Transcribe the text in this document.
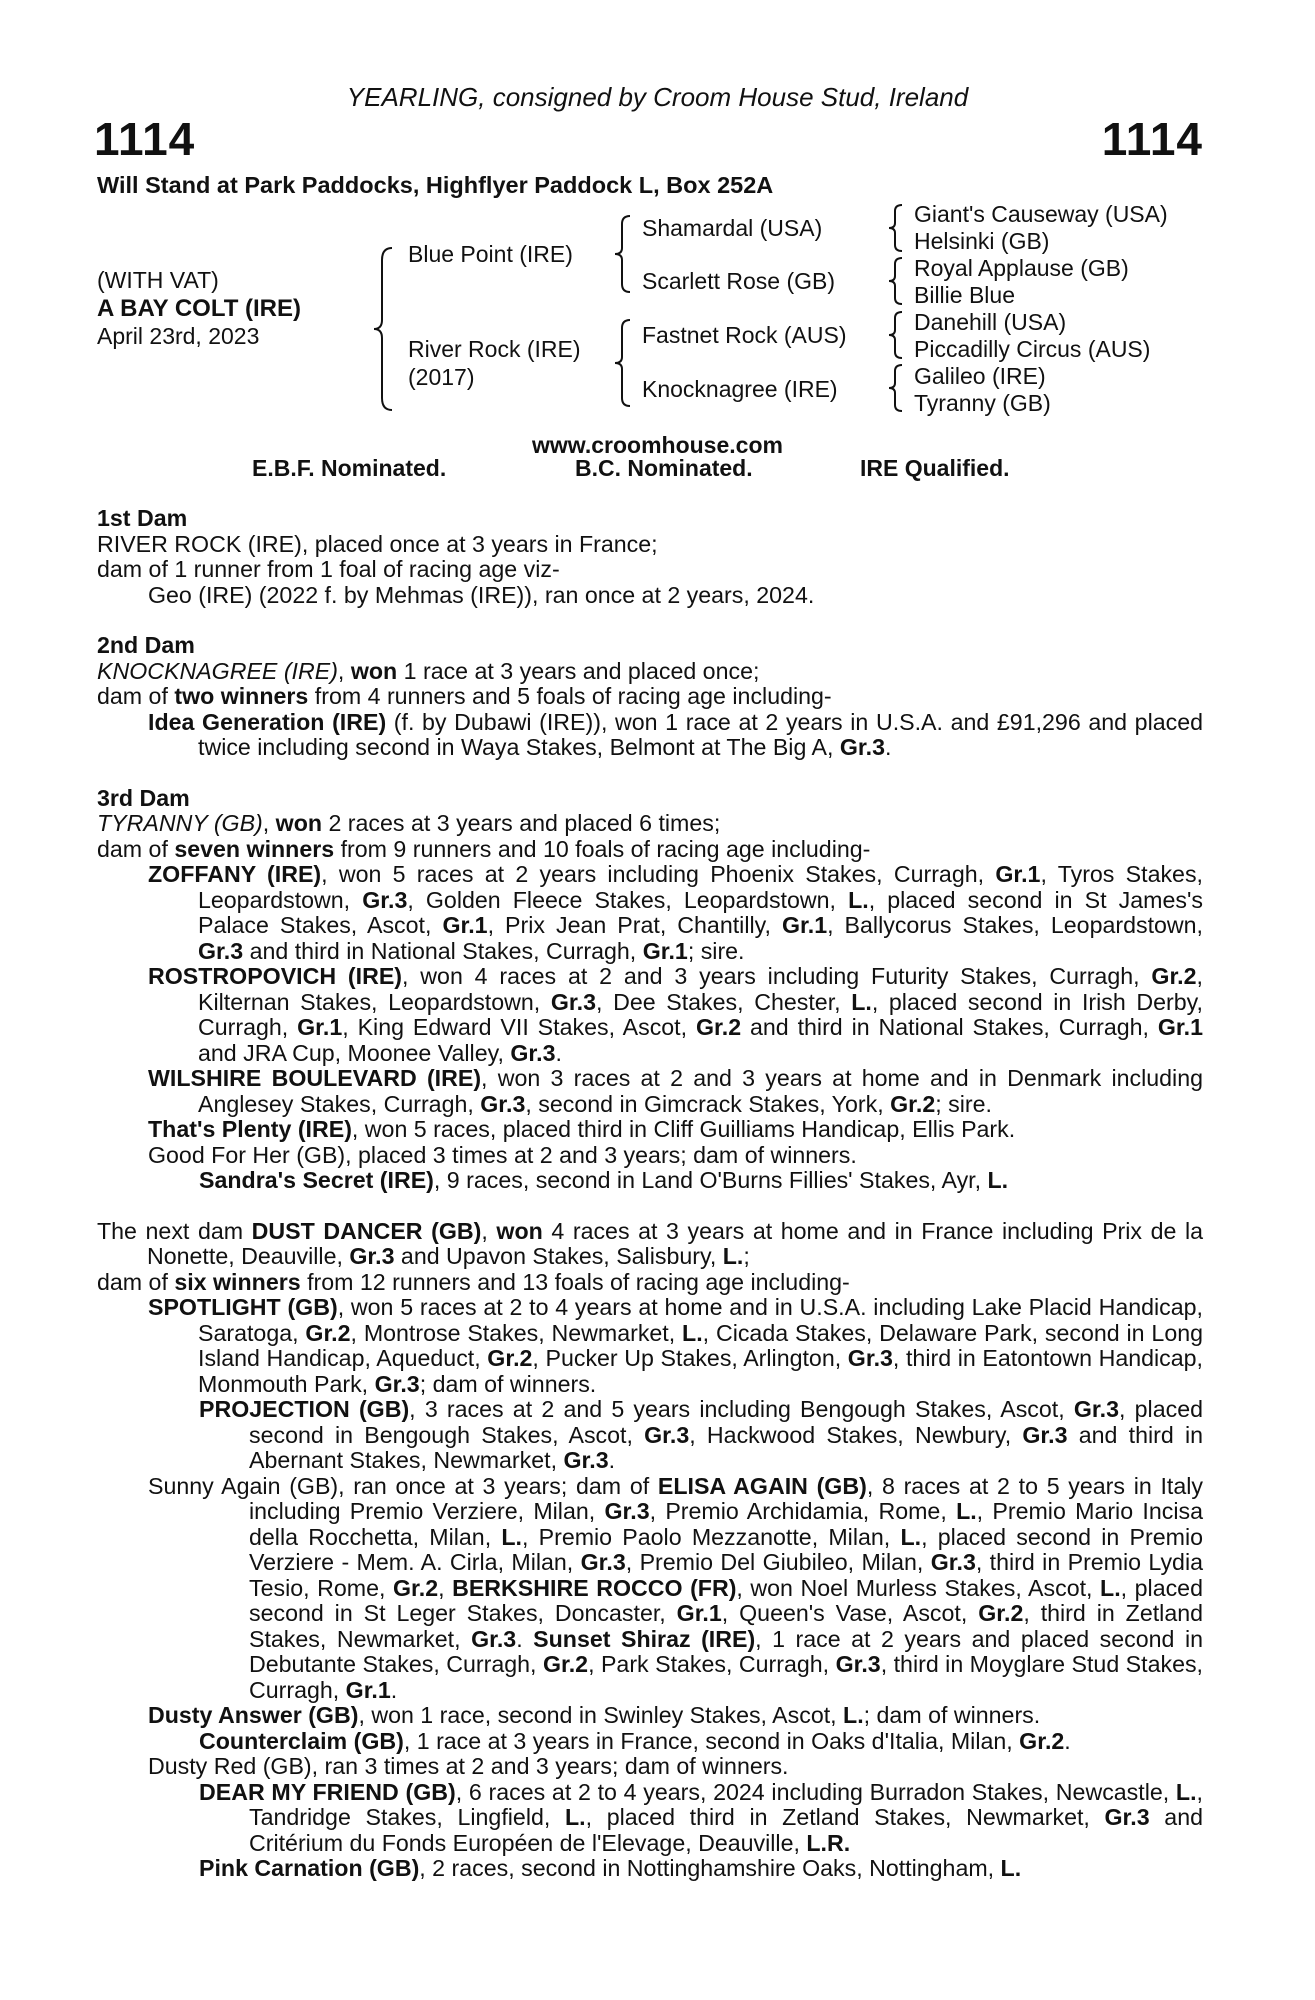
YEARLING, consigned by Croom House Stud, Ireland
1114	1114
Will Stand at Park Paddocks, Highflyer Paddock L, Box 252A
(WITH VAT)
A BAY COLT (IRE)
April 23rd, 2023
Blue Point (IRE)
River Rock (IRE)
(2017)
Shamardal (USA)
Scarlett Rose (GB)
Fastnet Rock (AUS)
Knocknagree (IRE)
Giant's Causeway (USA)
Helsinki (GB)
Royal Applause (GB)
Billie Blue
Danehill (USA)
Piccadilly Circus (AUS)
Galileo (IRE)
Tyranny (GB)
www.croomhouse.com
E.B.F. Nominated.	B.C. Nominated.	IRE Qualified.

1st Dam

RIVER ROCK (IRE), placed once at 3 years in France;

dam of 1 runner from 1 foal of racing age viz-

Geo (IRE) (2022 f. by Mehmas (IRE)), ran once at 2 years, 2024.

2nd Dam

KNOCKNAGREE (IRE), won 1 race at 3 years and placed once;

dam of two winners from 4 runners and 5 foals of racing age including-

Idea Generation (IRE) (f. by Dubawi (IRE)), won 1 race at 2 years in U.S.A. and £91,296 and placed twice including second in Waya Stakes, Belmont at The Big A, Gr.3.

3rd Dam

TYRANNY (GB), won 2 races at 3 years and placed 6 times;

dam of seven winners from 9 runners and 10 foals of racing age including-

ZOFFANY (IRE), won 5 races at 2 years including Phoenix Stakes, Curragh, Gr.1, Tyros Stakes, Leopardstown, Gr.3, Golden Fleece Stakes, Leopardstown, L., placed second in St James's Palace Stakes, Ascot, Gr.1, Prix Jean Prat, Chantilly, Gr.1, Ballycorus Stakes, Leopardstown, Gr.3 and third in National Stakes, Curragh, Gr.1; sire.

ROSTROPOVICH (IRE), won 4 races at 2 and 3 years including Futurity Stakes, Curragh, Gr.2, Kilternan Stakes, Leopardstown, Gr.3, Dee Stakes, Chester, L., placed second in Irish Derby, Curragh, Gr.1, King Edward VII Stakes, Ascot, Gr.2 and third in National Stakes, Curragh, Gr.1 and JRA Cup, Moonee Valley, Gr.3.

WILSHIRE BOULEVARD (IRE), won 3 races at 2 and 3 years at home and in Denmark including Anglesey Stakes, Curragh, Gr.3, second in Gimcrack Stakes, York, Gr.2; sire.

That's Plenty (IRE), won 5 races, placed third in Cliff Guilliams Handicap, Ellis Park.

Good For Her (GB), placed 3 times at 2 and 3 years; dam of winners.

Sandra's Secret (IRE), 9 races, second in Land O'Burns Fillies' Stakes, Ayr, L.

The next dam DUST DANCER (GB), won 4 races at 3 years at home and in France including Prix de la Nonette, Deauville, Gr.3 and Upavon Stakes, Salisbury, L.;

dam of six winners from 12 runners and 13 foals of racing age including-

SPOTLIGHT (GB), won 5 races at 2 to 4 years at home and in U.S.A. including Lake Placid Handicap, Saratoga, Gr.2, Montrose Stakes, Newmarket, L., Cicada Stakes, Delaware Park, second in Long Island Handicap, Aqueduct, Gr.2, Pucker Up Stakes, Arlington, Gr.3, third in Eatontown Handicap, Monmouth Park, Gr.3; dam of winners.

PROJECTION (GB), 3 races at 2 and 5 years including Bengough Stakes, Ascot, Gr.3, placed second in Bengough Stakes, Ascot, Gr.3, Hackwood Stakes, Newbury, Gr.3 and third in Abernant Stakes, Newmarket, Gr.3.

Sunny Again (GB), ran once at 3 years; dam of ELISA AGAIN (GB), 8 races at 2 to 5 years in Italy including Premio Verziere, Milan, Gr.3, Premio Archidamia, Rome, L., Premio Mario Incisa della Rocchetta, Milan, L., Premio Paolo Mezzanotte, Milan, L., placed second in Premio Verziere - Mem. A. Cirla, Milan, Gr.3, Premio Del Giubileo, Milan, Gr.3, third in Premio Lydia Tesio, Rome, Gr.2, BERKSHIRE ROCCO (FR), won Noel Murless Stakes, Ascot, L., placed second in St Leger Stakes, Doncaster, Gr.1, Queen's Vase, Ascot, Gr.2, third in Zetland Stakes, Newmarket, Gr.3. Sunset Shiraz (IRE), 1 race at 2 years and placed second in Debutante Stakes, Curragh, Gr.2, Park Stakes, Curragh, Gr.3, third in Moyglare Stud Stakes, Curragh, Gr.1.

Dusty Answer (GB), won 1 race, second in Swinley Stakes, Ascot, L.; dam of winners.

Counterclaim (GB), 1 race at 3 years in France, second in Oaks d'Italia, Milan, Gr.2.

Dusty Red (GB), ran 3 times at 2 and 3 years; dam of winners.

DEAR MY FRIEND (GB), 6 races at 2 to 4 years, 2024 including Burradon Stakes, Newcastle, L., Tandridge Stakes, Lingfield, L., placed third in Zetland Stakes, Newmarket, Gr.3 and Critérium du Fonds Européen de l'Elevage, Deauville, L.R.

Pink Carnation (GB), 2 races, second in Nottinghamshire Oaks, Nottingham, L.
